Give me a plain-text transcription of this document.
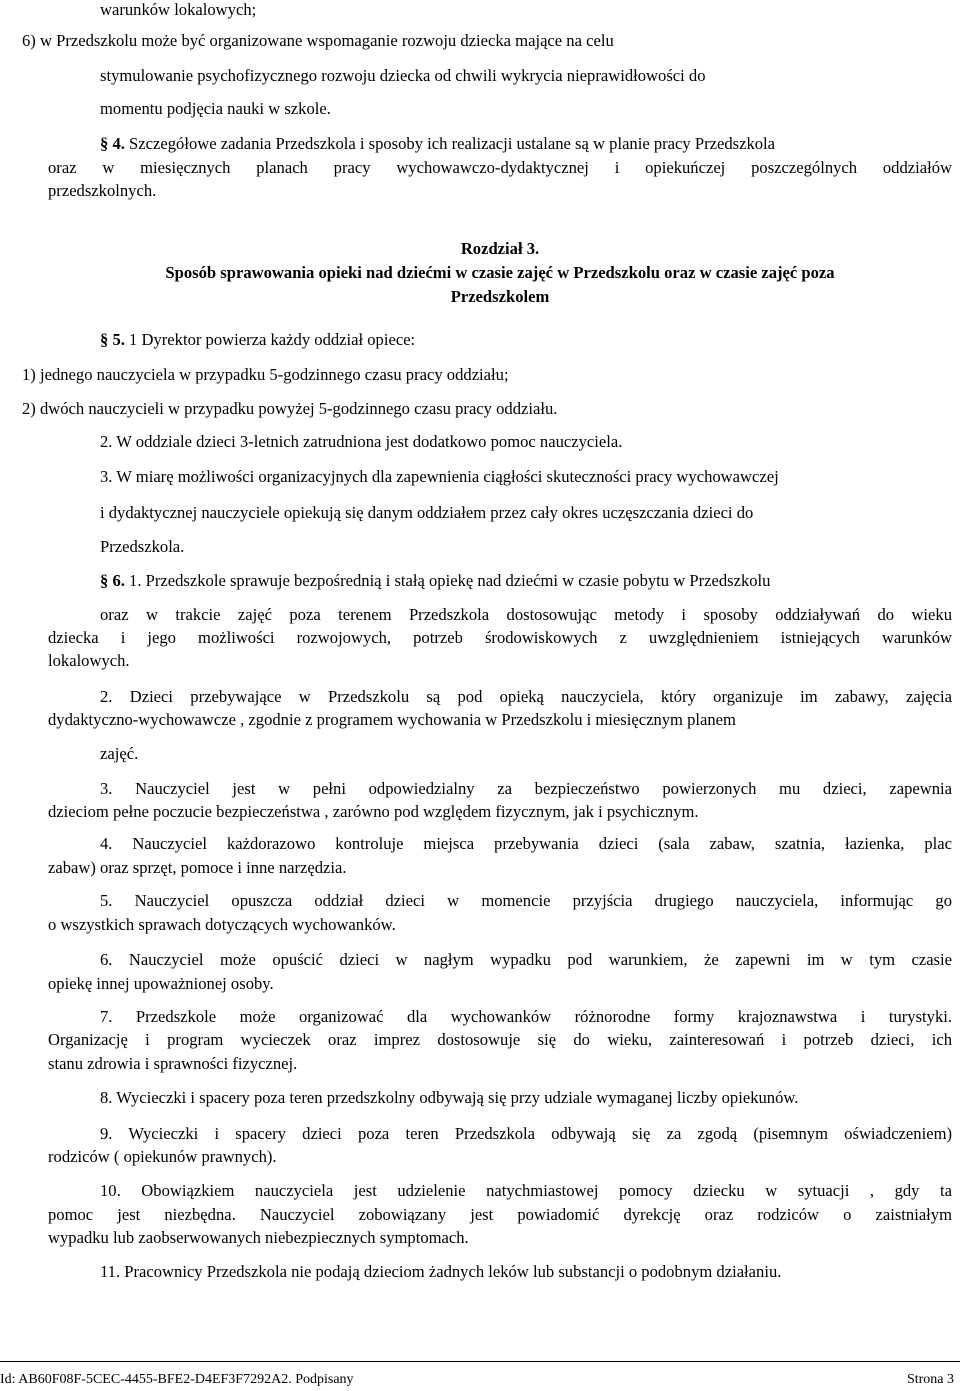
warunków lokalowych;
6) w Przedszkolu może być organizowane wspomaganie rozwoju dziecka mające na celu
stymulowanie psychofizycznego rozwoju dziecka od chwili wykrycia nieprawidłowości do
momentu podjęcia nauki w szkole.
§ 4. Szczegółowe zadania Przedszkola i sposoby ich realizacji ustalane są w planie pracy Przedszkola
oraz w miesięcznych planach pracy wychowawczo-dydaktycznej i opiekuńczej poszczególnych oddziałów
przedszkolnych.
Rozdział 3.
Sposób sprawowania opieki nad dziećmi w czasie zajęć w Przedszkolu oraz w czasie zajęć poza
Przedszkolem
§ 5. 1 Dyrektor powierza każdy oddział opiece:
1) jednego nauczyciela w przypadku 5-godzinnego czasu pracy oddziału;
2) dwóch nauczycieli w przypadku powyżej 5-godzinnego czasu pracy oddziału.
2. W oddziale dzieci 3-letnich zatrudniona jest dodatkowo pomoc nauczyciela.
3. W miarę możliwości organizacyjnych dla zapewnienia ciągłości skuteczności pracy wychowawczej
i dydaktycznej nauczyciele opiekują się danym oddziałem przez cały okres uczęszczania dzieci do
Przedszkola.
§ 6. 1. Przedszkole sprawuje bezpośrednią i stałą opiekę nad dziećmi w czasie pobytu w Przedszkolu
oraz w trakcie zajęć poza terenem Przedszkola dostosowując metody i sposoby oddziaływań do wieku
dziecka i jego możliwości rozwojowych, potrzeb środowiskowych z uwzględnieniem istniejących warunków
lokalowych.
2. Dzieci przebywające w Przedszkolu są pod opieką nauczyciela, który organizuje im zabawy, zajęcia
dydaktyczno-wychowawcze , zgodnie z programem wychowania w Przedszkolu i miesięcznym planem
zajęć.
3. Nauczyciel jest w pełni odpowiedzialny za bezpieczeństwo powierzonych mu dzieci, zapewnia
dzieciom pełne poczucie bezpieczeństwa , zarówno pod względem fizycznym, jak i psychicznym.
4. Nauczyciel każdorazowo kontroluje miejsca przebywania dzieci (sala zabaw, szatnia, łazienka, plac
zabaw) oraz sprzęt, pomoce i inne narzędzia.
5. Nauczyciel opuszcza oddział dzieci w momencie przyjścia drugiego nauczyciela, informując go
o wszystkich sprawach dotyczących wychowanków.
6. Nauczyciel może opuścić dzieci w nagłym wypadku pod warunkiem, że zapewni im w tym czasie
opiekę innej upoważnionej osoby.
7. Przedszkole może organizować dla wychowanków różnorodne formy krajoznawstwa i turystyki.
Organizację i program wycieczek oraz imprez dostosowuje się do wieku, zainteresowań i potrzeb dzieci, ich
stanu zdrowia i sprawności fizycznej.
8. Wycieczki i spacery poza teren przedszkolny odbywają się przy udziale wymaganej liczby opiekunów.
9. Wycieczki i spacery dzieci poza teren Przedszkola odbywają się za zgodą (pisemnym oświadczeniem)
rodziców ( opiekunów prawnych).
10. Obowiązkiem nauczyciela jest udzielenie natychmiastowej pomocy dziecku w sytuacji , gdy ta
pomoc jest niezbędna. Nauczyciel zobowiązany jest powiadomić dyrekcję oraz rodziców o zaistniałym
wypadku lub zaobserwowanych niebezpiecznych symptomach.
11. Pracownicy Przedszkola nie podają dzieciom żadnych leków lub substancji o podobnym działaniu.
Id: AB60F08F-5CEC-4455-BFE2-D4EF3F7292A2. Podpisany	Strona 3
